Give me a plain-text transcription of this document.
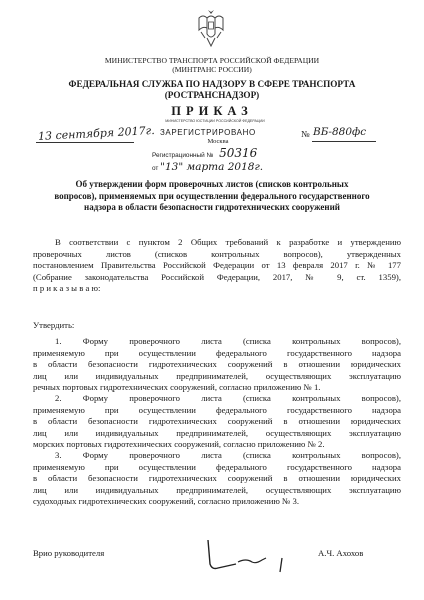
МИНИСТЕРСТВО ТРАНСПОРТА РОССИЙСКОЙ ФЕДЕРАЦИИ
(МИНТРАНС РОССИИ)
ФЕДЕРАЛЬНАЯ СЛУЖБА ПО НАДЗОРУ В СФЕРЕ ТРАНСПОРТА
(РОСТРАНСНАДЗОР)
ПРИКАЗ
МИНИСТЕРСТВО ЮСТИЦИИ РОССИЙСКОЙ ФЕДЕРАЦИИ
13 сентября 2017г.	№ ВБ-880фс
ЗАРЕГИСТРИРОВАНО
Москва
Регистрационный № 50316
от "13" марта 2018г.
Об утверждении форм проверочных листов (списков контрольных
вопросов), применяемых при осуществлении федерального государственного
надзора в области безопасности гидротехнических сооружений
В соответствии с пунктом 2 Общих требований к разработке и утверждению
проверочных листов (списков контрольных вопросов), утвержденных
постановлением Правительства Российской Федерации от 13 февраля 2017 г. № 177
(Собрание законодательства Российской Федерации, 2017, № 9, ст. 1359),
п р и к а з ы в а ю:
Утвердить:
1. Форму проверочного листа (списка контрольных вопросов),
применяемую при осуществлении федерального государственного надзора
в области безопасности гидротехнических сооружений в отношении юридических
лиц или индивидуальных предпринимателей, осуществляющих эксплуатацию
речных портовых гидротехнических сооружений, согласно приложению № 1.
2. Форму проверочного листа (списка контрольных вопросов),
применяемую при осуществлении федерального государственного надзора
в области безопасности гидротехнических сооружений в отношении юридических
лиц или индивидуальных предпринимателей, осуществляющих эксплуатацию
морских портовых гидротехнических сооружений, согласно приложению № 2.
3. Форму проверочного листа (списка контрольных вопросов),
применяемую при осуществлении федерального государственного надзора
в области безопасности гидротехнических сооружений в отношении юридических
лиц или индивидуальных предпринимателей, осуществляющих эксплуатацию
судоходных гидротехнических сооружений, согласно приложению № 3.
Врио руководителя	А.Ч. Ахохов
